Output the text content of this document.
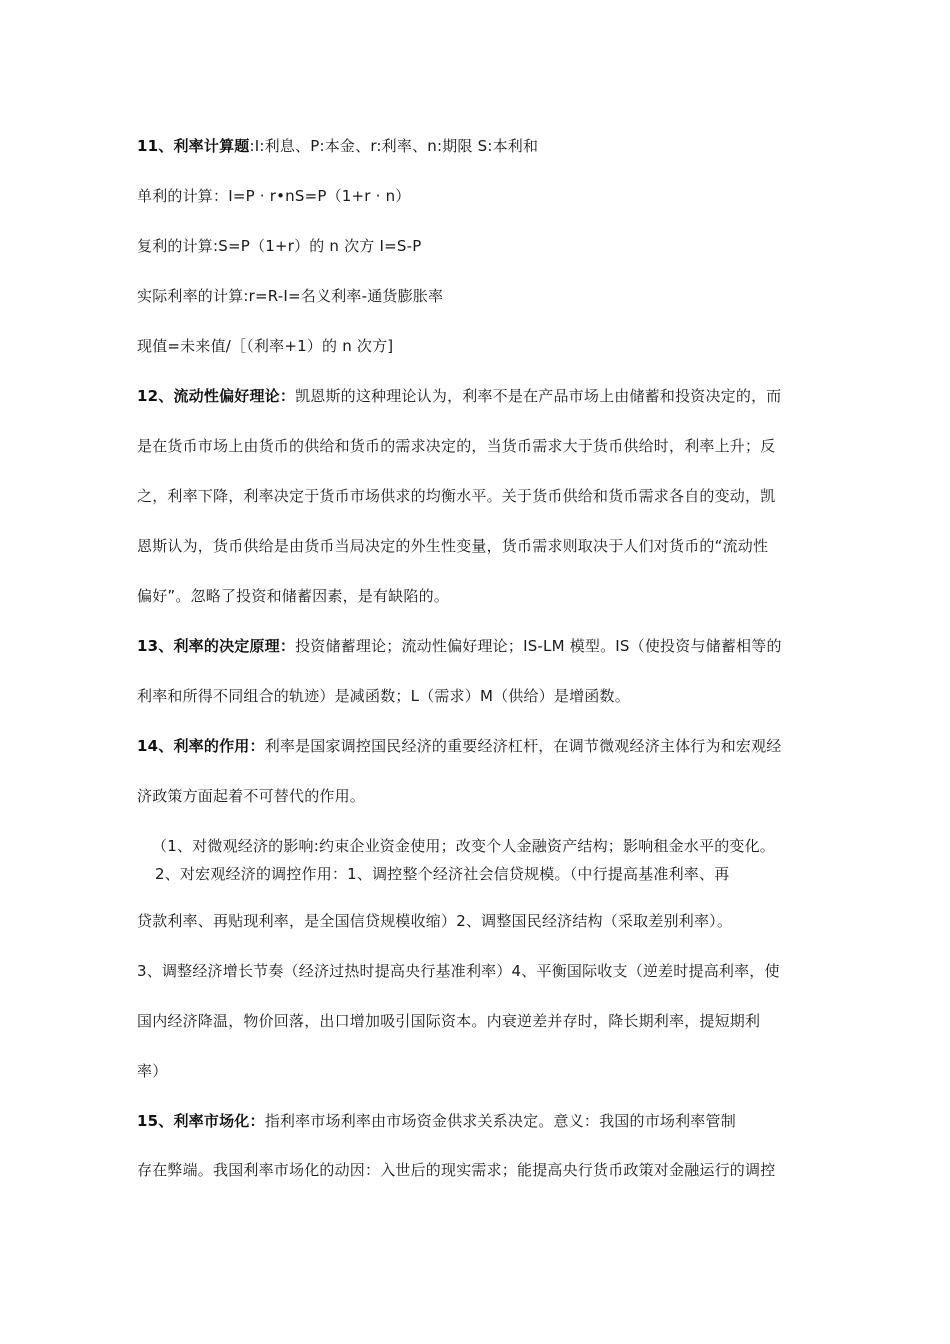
11、利率计算题:I:利息、P:本金、r:利率、n:期限 S:本利和
单利的计算：I=P · r•nS=P（1+r · n）
复利的计算:S=P（1+r）的 n 次方 I=S-P
实际利率的计算:r=R-I=名义利率-通货膨胀率
现值=未来值/［（利率+1）的 n 次方]
12、流动性偏好理论：凯恩斯的这种理论认为，利率不是在产品市场上由储蓄和投资决定的，而
是在货币市场上由货币的供给和货币的需求决定的，当货币需求大于货币供给时，利率上升；反
之，利率下降，利率决定于货币市场供求的均衡水平。关于货币供给和货币需求各自的变动，凯
恩斯认为，货币供给是由货币当局决定的外生性变量，货币需求则取决于人们对货币的“流动性
偏好”。忽略了投资和储蓄因素，是有缺陷的。
13、利率的决定原理：投资储蓄理论；流动性偏好理论；IS-LM 模型。IS（使投资与储蓄相等的
利率和所得不同组合的轨迹）是减函数；L（需求）M（供给）是增函数。
14、利率的作用：利率是国家调控国民经济的重要经济杠杆，在调节微观经济主体行为和宏观经
济政策方面起着不可替代的作用。
（1、对微观经济的影响:约束企业资金使用；改变个人金融资产结构；影响租金水平的变化。
2、对宏观经济的调控作用：1、调控整个经济社会信贷规模。（中行提高基准利率、再
贷款利率、再贴现利率，是全国信贷规模收缩）2、调整国民经济结构（采取差别利率）。
3、调整经济增长节奏（经济过热时提高央行基准利率）4、平衡国际收支（逆差时提高利率，使
国内经济降温，物价回落，出口增加吸引国际资本。内衰逆差并存时，降长期利率，提短期利
率）
15、利率市场化：指利率市场利率由市场资金供求关系决定。意义：我国的市场利率管制
存在弊端。我国利率市场化的动因：入世后的现实需求；能提高央行货币政策对金融运行的调控
